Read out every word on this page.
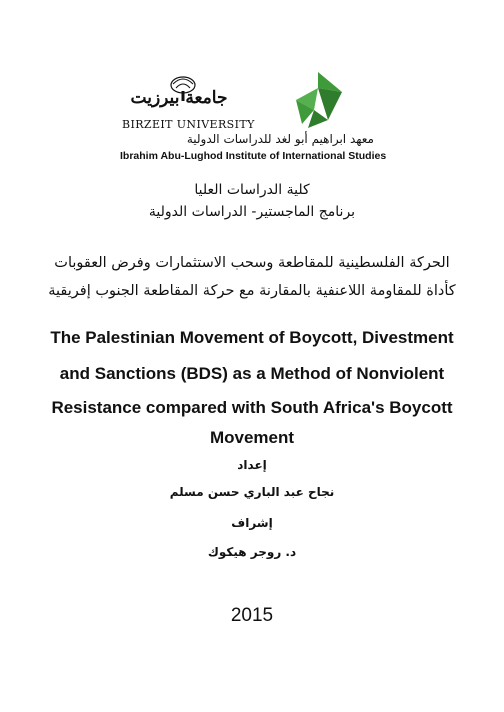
جامعة بيرزيت
BIRZEIT UNIVERSITY
معهد ابراهيم أبو لغد للدراسات الدولية
Ibrahim Abu-Lughod Institute of International Studies
كلية الدراسات العليا
برنامج الماجستير- الدراسات الدولية
الحركة الفلسطينية للمقاطعة وسحب الاستثمارات وفرض العقوبات
كأداة للمقاومة اللاعنفية بالمقارنة مع حركة المقاطعة الجنوب إفريقية
The Palestinian Movement of Boycott, Divestment
and Sanctions (BDS) as a Method of Nonviolent
Resistance compared with South Africa's Boycott
Movement
إعداد
نجاح عبد الباري حسن مسلم
إشراف
د. روجر هيكوك
2015
